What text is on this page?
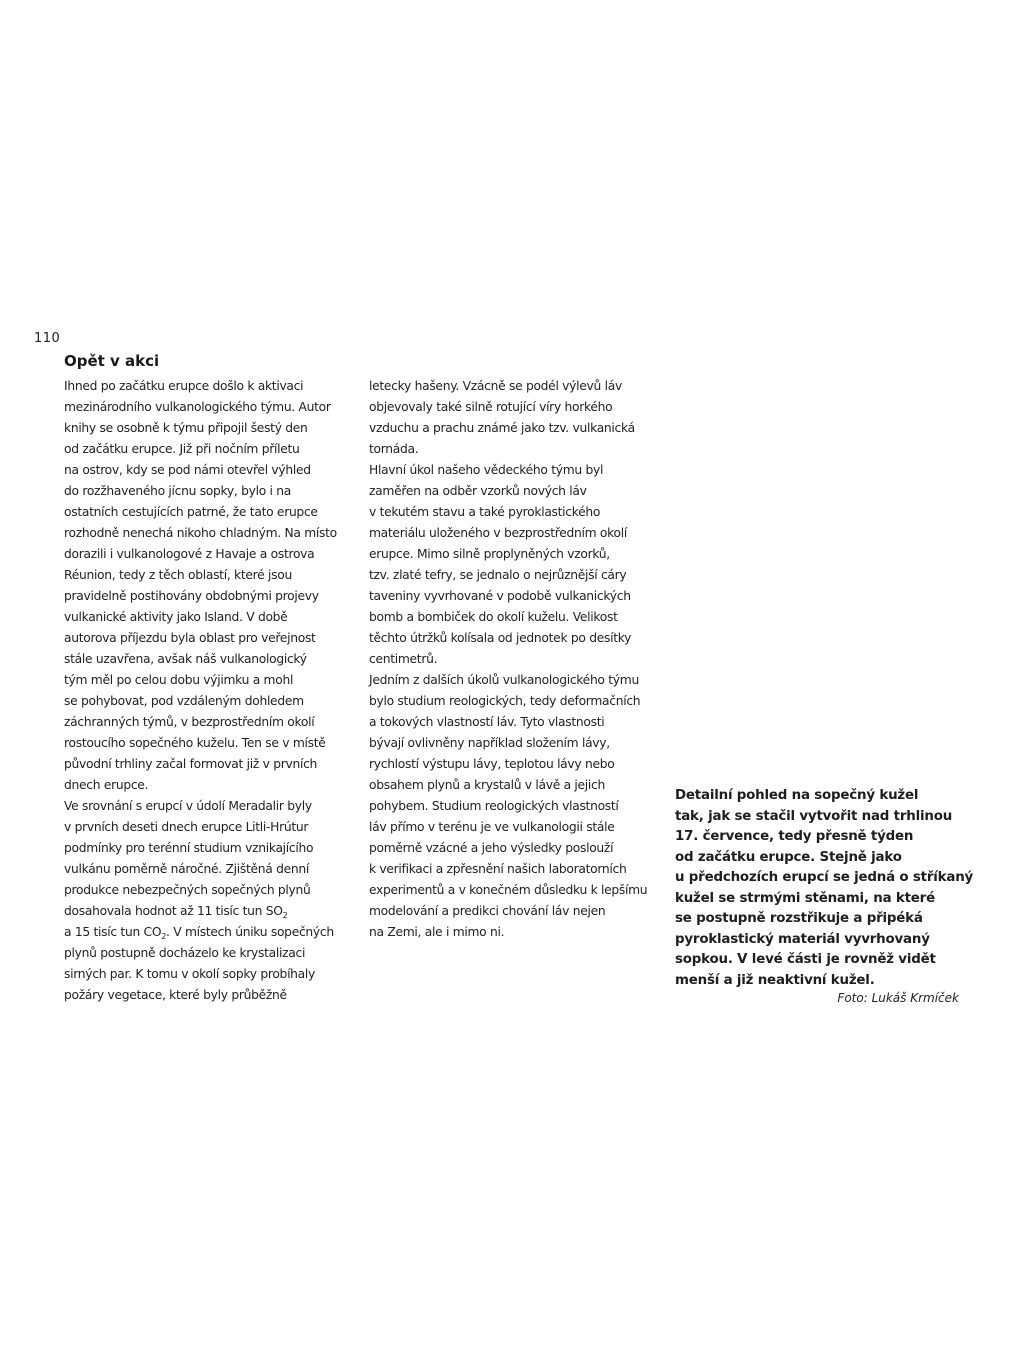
110
Opět v akci
Ihned po začátku erupce došlo k aktivaci
mezinárodního vulkanologického týmu. Autor
knihy se osobně k týmu připojil šestý den
od začátku erupce. Již při nočním příletu
na ostrov, kdy se pod námi otevřel výhled
do rozžhaveného jícnu sopky, bylo i na
ostatních cestujících patrné, že tato erupce
rozhodně nenechá nikoho chladným. Na místo
dorazili i vulkanologové z Havaje a ostrova
Réunion, tedy z těch oblastí, které jsou
pravidelně postihovány obdobnými projevy
vulkanické aktivity jako Island. V době
autorova příjezdu byla oblast pro veřejnost
stále uzavřena, avšak náš vulkanologický
tým měl po celou dobu výjimku a mohl
se pohybovat, pod vzdáleným dohledem
záchranných týmů, v bezprostředním okolí
rostoucího sopečného kuželu. Ten se v místě
původní trhliny začal formovat již v prvních
dnech erupce.
Ve srovnání s erupcí v údolí Meradalir byly
v prvních deseti dnech erupce Litli-Hrútur
podmínky pro terénní studium vznikajícího
vulkánu poměrně náročné. Zjištěná denní
produkce nebezpečných sopečných plynů
dosahovala hodnot až 11 tisíc tun $SO_2$
a 15 tisíc tun $CO_2$. V místech úniku sopečných
plynů postupně docházelo ke krystalizaci
sirných par. K tomu v okolí sopky probíhaly
požáry vegetace, které byly průběžně
letecky hašeny. Vzácně se podél výlevů láv
objevovaly také silně rotující víry horkého
vzduchu a prachu známé jako tzv. vulkanická
tornáda.
Hlavní úkol našeho vědeckého týmu byl
zaměřen na odběr vzorků nových láv
v tekutém stavu a také pyroklastického
materiálu uloženého v bezprostředním okolí
erupce. Mimo silně proplyněných vzorků,
tzv. zlaté tefry, se jednalo o nejrůznější cáry
taveniny vyvrhované v podobě vulkanických
bomb a bombiček do okolí kuželu. Velikost
těchto útržků kolísala od jednotek po desítky
centimetrů.
Jedním z dalších úkolů vulkanologického týmu
bylo studium reologických, tedy deformačních
a tokových vlastností láv. Tyto vlastnosti
bývají ovlivněny například složením lávy,
rychlostí výstupu lávy, teplotou lávy nebo
obsahem plynů a krystalů v lávě a jejich
pohybem. Studium reologických vlastností
láv přímo v terénu je ve vulkanologii stále
poměrně vzácné a jeho výsledky poslouží
k verifikaci a zpřesnění našich laboratorních
experimentů a v konečném důsledku k lepšímu
modelování a predikci chování láv nejen
na Zemi, ale i mimo ni.
Detailní pohled na sopečný kužel
tak, jak se stačil vytvořit nad trhlinou
17. července, tedy přesně týden
od začátku erupce. Stejně jako
u předchozích erupcí se jedná o stříkaný
kužel se strmými stěnami, na které
se postupně rozstřikuje a připéká
pyroklastický materiál vyvrhovaný
sopkou. V levé části je rovněž vidět
menší a již neaktivní kužel.
Foto: Lukáš Krmíček
